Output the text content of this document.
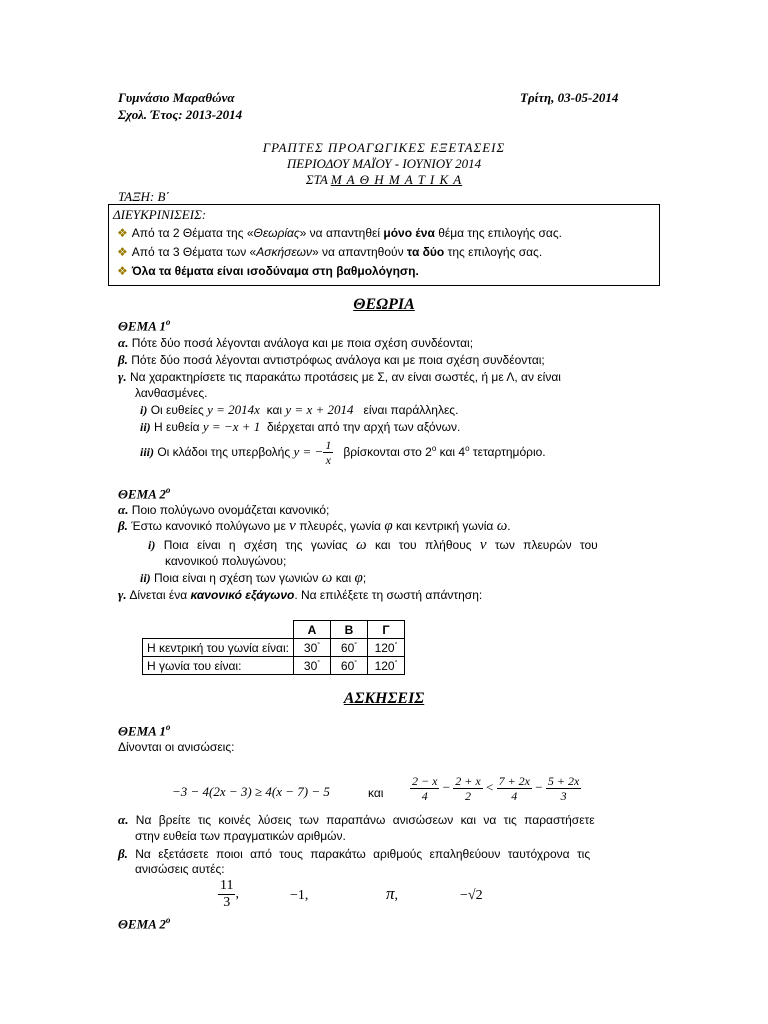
Γυμνάσιο Μαραθώνα	Τρίτη, 03-05-2014
Σχολ. Έτος: 2013-2014
ΓΡΑΠΤΕΣ ΠΡΟΑΓΩΓΙΚΕΣ ΕΞΕΤΑΣΕΙΣ
ΠΕΡΙΟΔΟΥ ΜΑΪΟΥ - ΙΟΥΝΙΟΥ 2014
ΣΤΑ Μ Α Θ Η Μ Α Τ Ι Κ Α
ΤΑΞΗ: Β΄
ΔΙΕΥΚΡΙΝΙΣΕΙΣ:
❖ Από τα 2 Θέματα της «Θεωρίας» να απαντηθεί μόνο ένα θέμα της επιλογής σας.
❖ Από τα 3 Θέματα των «Ασκήσεων» να απαντηθούν τα δύο της επιλογής σας.
❖ Όλα τα θέματα είναι ισοδύναμα στη βαθμολόγηση.
ΘΕΩΡΙΑ
ΘΕΜΑ $1^o$
α. Πότε δύο ποσά λέγονται ανάλογα και με ποια σχέση συνδέονται;
β. Πότε δύο ποσά λέγονται αντιστρόφως ανάλογα και με ποια σχέση συνδέονται;
γ. Να χαρακτηρίσετε τις παρακάτω προτάσεις με Σ, αν είναι σωστές, ή με Λ, αν είναι
λανθασμένες.
i) Οι ευθείες y = 2014x και y = x + 2014 είναι παράλληλες.
ii) Η ευθεία y = −x + 1 διέρχεται από την αρχή των αξόνων.
iii) Οι κλάδοι της υπερβολής y = − $\frac{1}{x}$ βρίσκονται στο $2^o$ και $4^o$ τεταρτημόριο.
ΘΕΜΑ $2^o$
α. Ποιο πολύγωνο ονομάζεται κανονικό;
β. Έστω κανονικό πολύγωνο με ν πλευρές, γωνία φ και κεντρική γωνία ω.
i) Ποια είναι η σχέση της γωνίας ω και του πλήθους ν των πλευρών του
κανονικού πολυγώνου;
ii) Ποια είναι η σχέση των γωνιών ω και φ;
γ. Δίνεται ένα κανονικό εξάγωνο. Να επιλέξετε τη σωστή απάντηση:
	Α	Β	Γ
Η κεντρική του γωνία είναι:	30°	60°	120°
Η γωνία του είναι:	30°	60°	120°
ΑΣΚΗΣΕΙΣ
ΘΕΜΑ $1^o$
Δίνονται οι ανισώσεις:
−3 − 4(2x − 3) ≥ 4(x − 7) − 5	και $\frac{2 - x}{4} - \frac{2 + x}{2} < \frac{7 + 2x}{4} - \frac{5 + 2x}{3}$
α. Να βρείτε τις κοινές λύσεις των παραπάνω ανισώσεων και να τις παραστήσετε
στην ευθεία των πραγματικών αριθμών.
β. Να εξετάσετε ποιοι από τους παρακάτω αριθμούς επαληθεύουν ταυτόχρονα τις
ανισώσεις αυτές:
$\frac{11}{3}$ ,	−1,	π,	−√2
ΘΕΜΑ $2^o$
